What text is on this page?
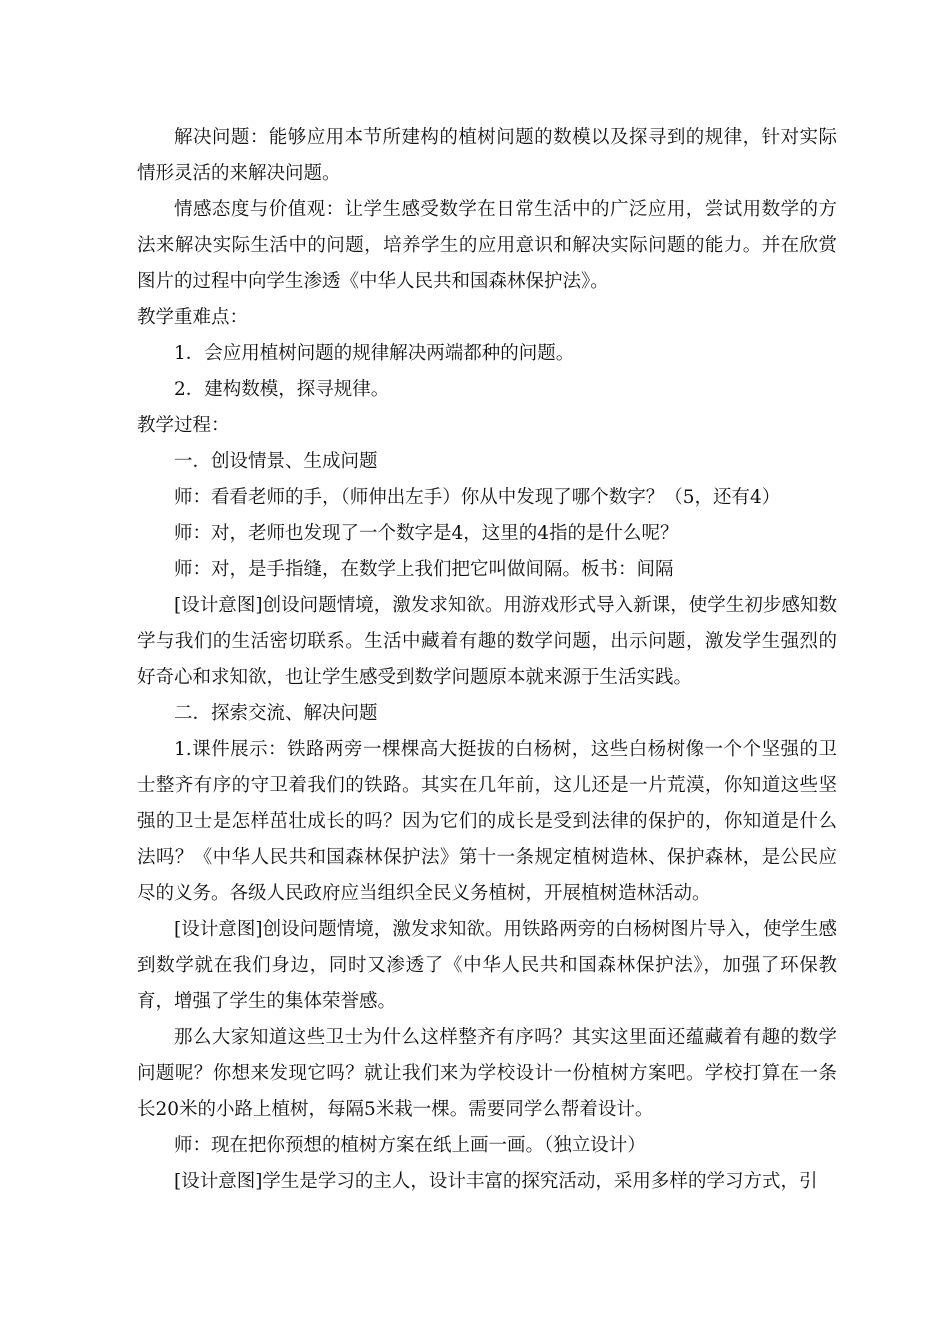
解决问题：能够应用本节所建构的植树问题的数模以及探寻到的规律，针对实际情形灵活的来解决问题。

情感态度与价值观：让学生感受数学在日常生活中的广泛应用，尝试用数学的方法来解决实际生活中的问题，培养学生的应用意识和解决实际问题的能力。并在欣赏图片的过程中向学生渗透《中华人民共和国森林保护法》。

教学重难点：

1．会应用植树问题的规律解决两端都种的问题。

2．建构数模，探寻规律。

教学过程：

一．创设情景、生成问题

师：看看老师的手，（师伸出左手）你从中发现了哪个数字？（5，还有4）

师：对，老师也发现了一个数字是4，这里的4指的是什么呢？

师：对，是手指缝，在数学上我们把它叫做间隔。板书：间隔

[设计意图]创设问题情境，激发求知欲。用游戏形式导入新课，使学生初步感知数学与我们的生活密切联系。生活中藏着有趣的数学问题，出示问题，激发学生强烈的好奇心和求知欲，也让学生感受到数学问题原本就来源于生活实践。

二．探索交流、解决问题

1.课件展示：铁路两旁一棵棵高大挺拔的白杨树，这些白杨树像一个个坚强的卫士整齐有序的守卫着我们的铁路。其实在几年前，这儿还是一片荒漠，你知道这些坚强的卫士是怎样茁壮成长的吗？因为它们的成长是受到法律的保护的，你知道是什么法吗？《中华人民共和国森林保护法》第十一条规定植树造林、保护森林，是公民应尽的义务。各级人民政府应当组织全民义务植树，开展植树造林活动。

[设计意图]创设问题情境，激发求知欲。用铁路两旁的白杨树图片导入，使学生感到数学就在我们身边，同时又渗透了《中华人民共和国森林保护法》，加强了环保教育，增强了学生的集体荣誉感。

那么大家知道这些卫士为什么这样整齐有序吗？其实这里面还蕴藏着有趣的数学问题呢？你想来发现它吗？就让我们来为学校设计一份植树方案吧。学校打算在一条长20米的小路上植树，每隔5米栽一棵。需要同学么帮着设计。

师：现在把你预想的植树方案在纸上画一画。（独立设计）

[设计意图]学生是学习的主人，设计丰富的探究活动，采用多样的学习方式，引
